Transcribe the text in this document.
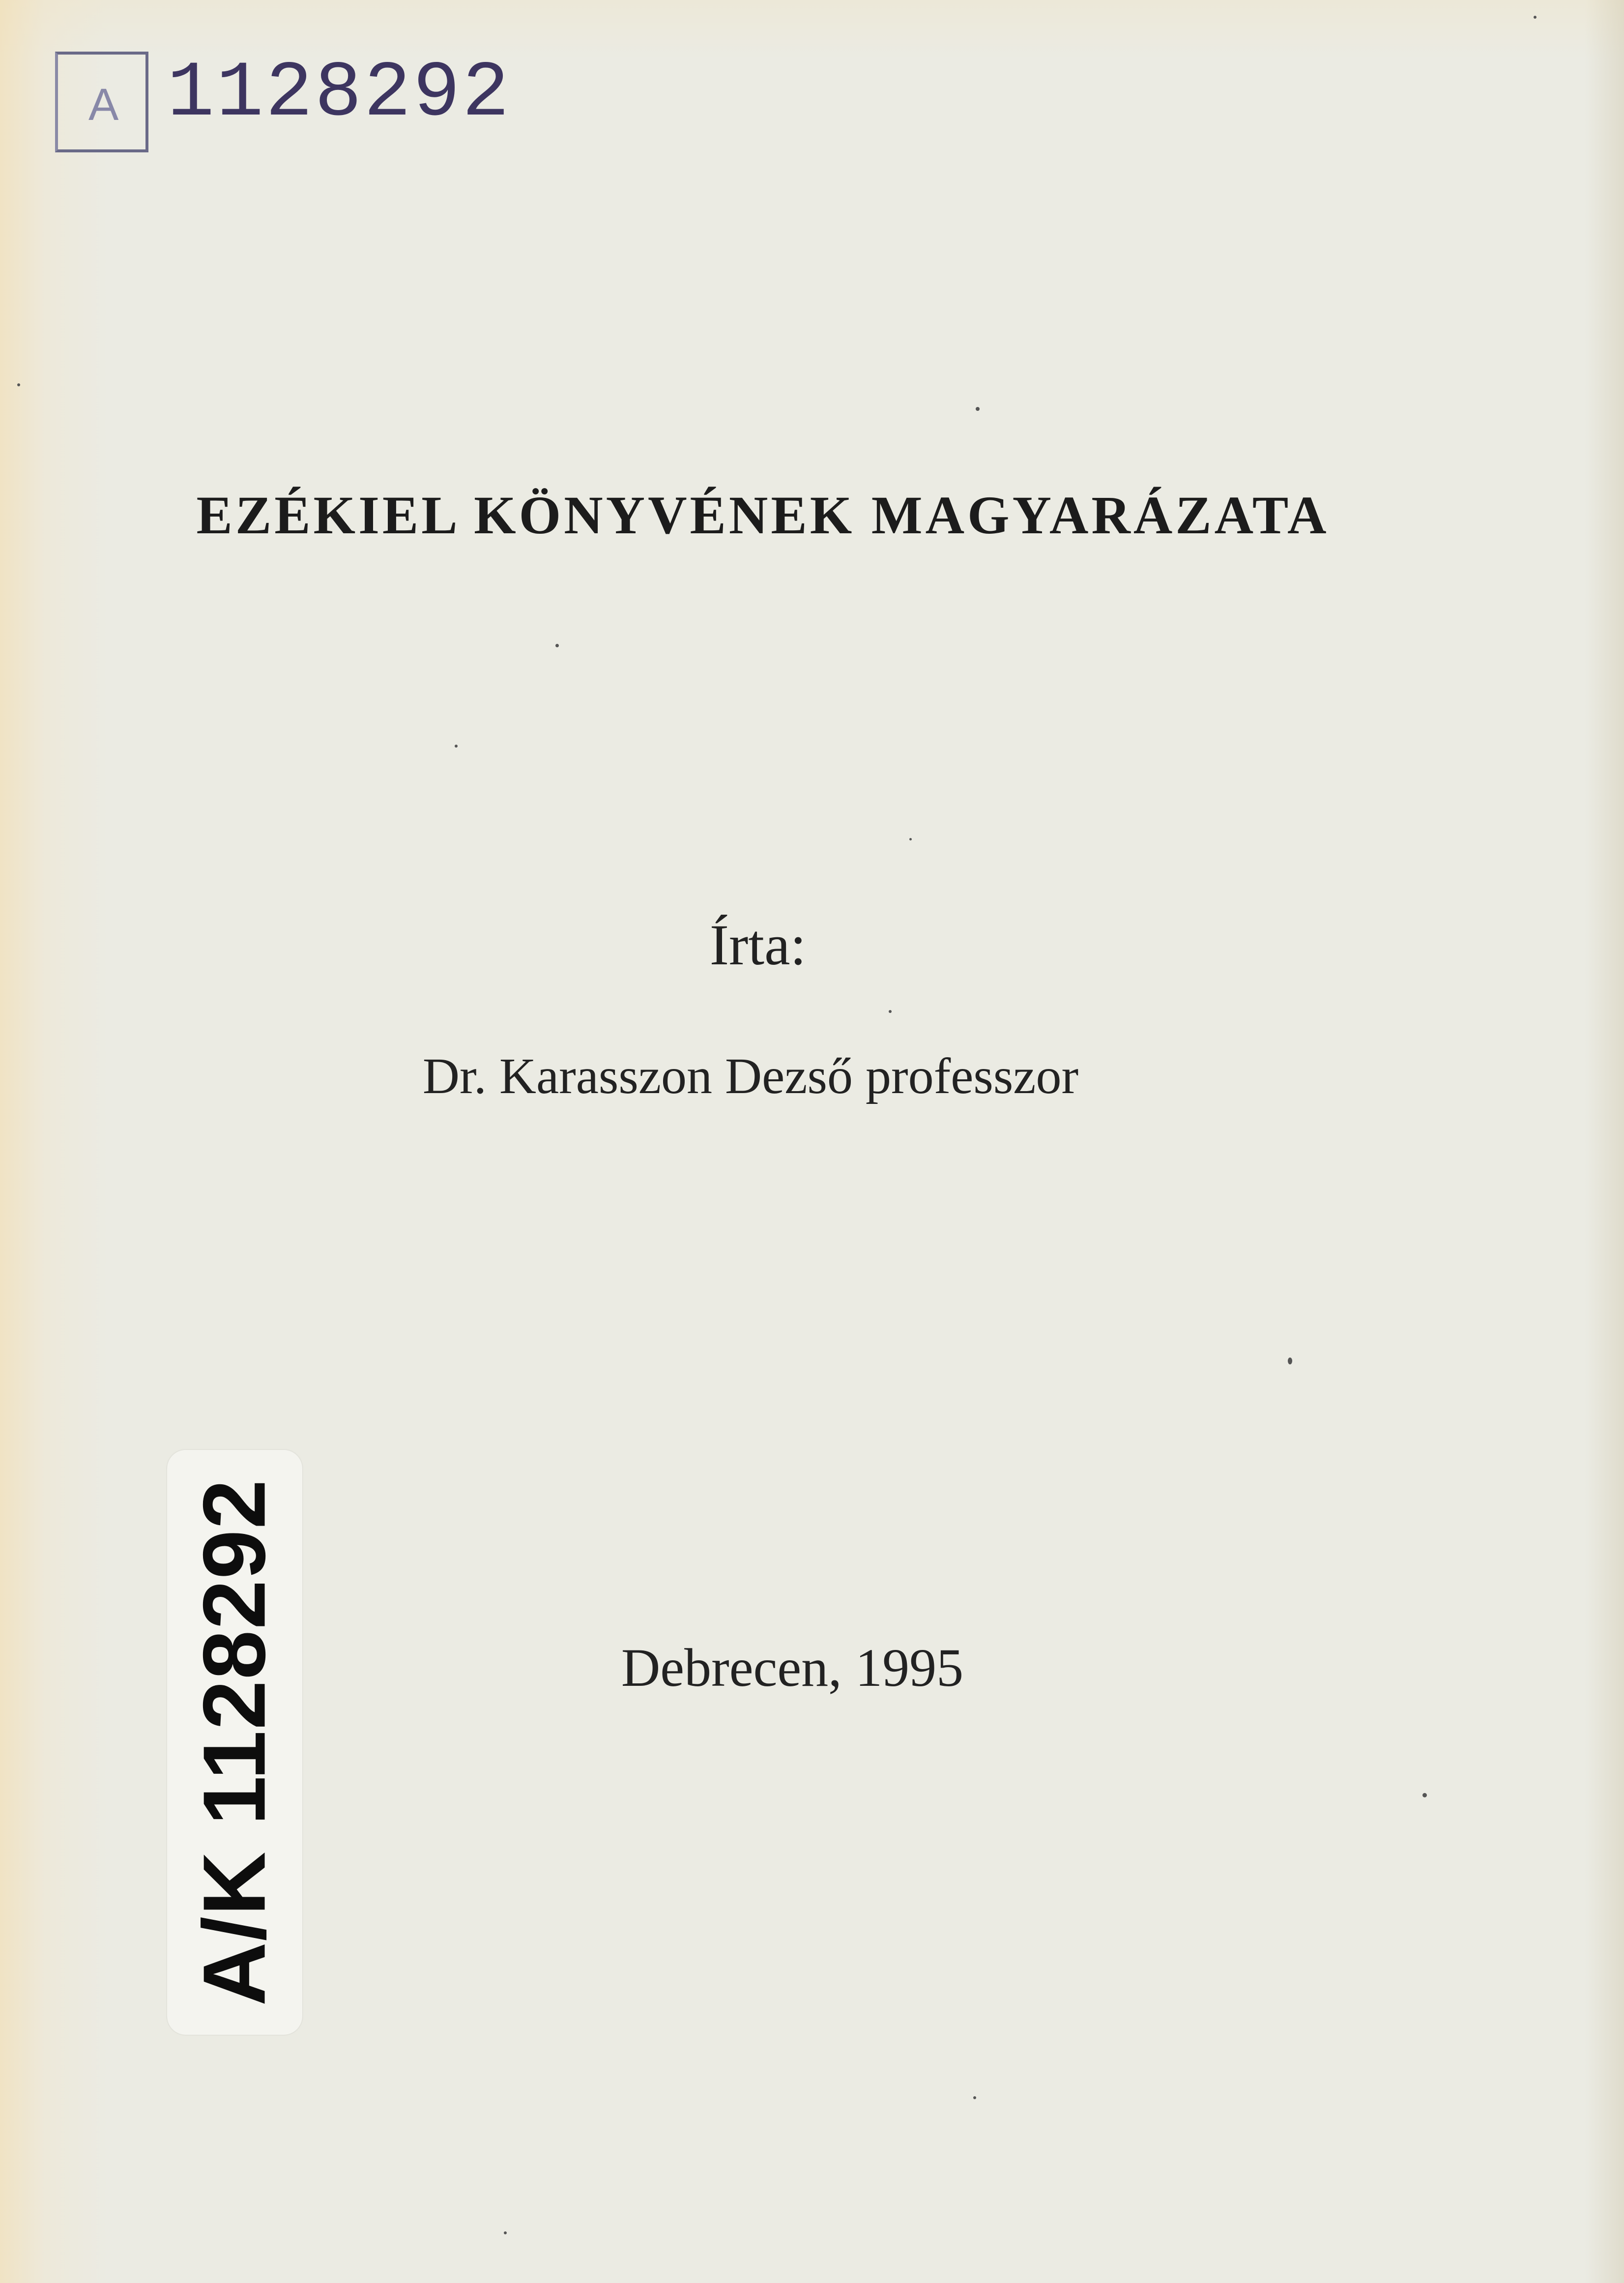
A 1128292
EZÉKIEL KÖNYVÉNEK MAGYARÁZATA
Írta:
Dr. Karasszon Dezső professzor
Debrecen, 1995
A/K 1128292
